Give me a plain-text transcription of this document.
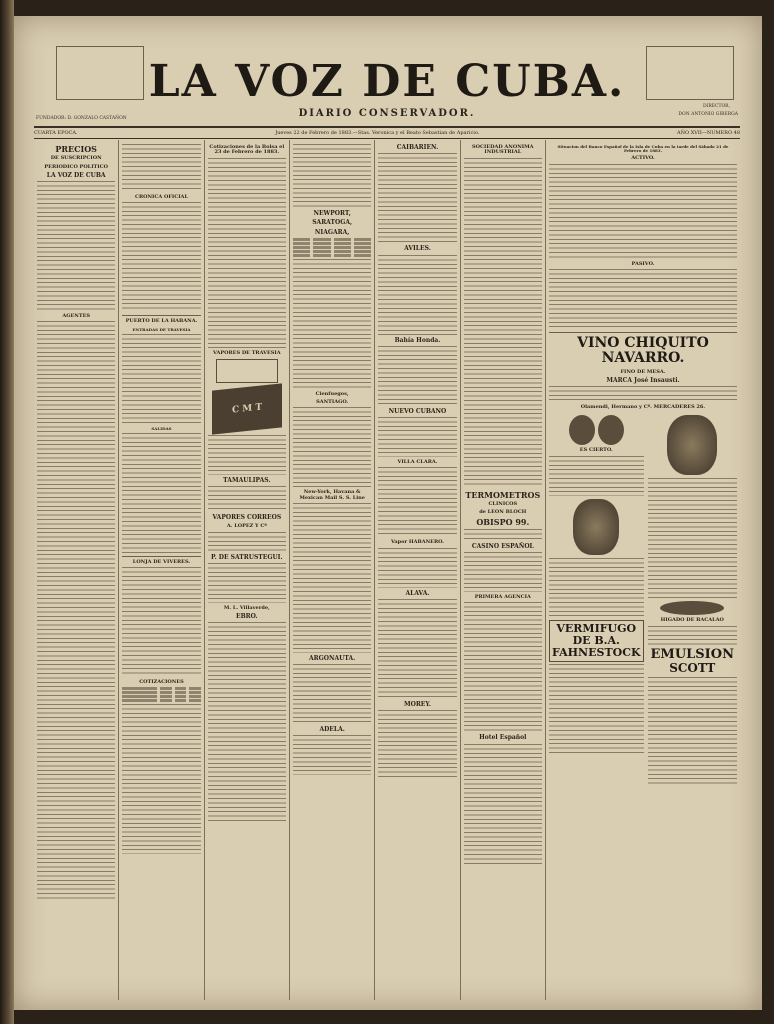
LA VOZ DE CUBA.
DIARIO CONSERVADOR.
FUNDADOR: D. GONZALO CASTAÑON
DIRECTOR,
DON ANTONIO GIBERGA
CUARTA EPOCA.	Jueves 22 de Febrero de 1883.—Stas. Veronica y el Beato Sebastian de Aparicio.	AÑO XVII—NUMERO 48
PRECIOS
DE SUSCRIPCION
PERIODICO POLITICO
LA VOZ DE CUBA
AGENTES
CRONICA OFICIAL
PUERTO DE LA HABANA.
ENTRADAS DE TRAVESIA
SALIDAS
LONJA DE VIVERES.
COTIZACIONES
Cotizaciones de la Bolsa el 23 de Febrero de 1883.
VAPORES DE TRAVESIA
C M T
TAMAULIPAS.
VAPORES CORREOS
A. LOPEZ Y Cª
P. DE SATRUSTEGUI.
M. L. Villaverde,
EBRO.
NEWPORT,
SARATOGA,
NIAGARA,
Cienfuegos,
SANTIAGO.
New-York, Havana & Mexican Mail S. S. Line
ARGONAUTA.
ADELA.
CAIBARIEN.
AVILES.
Bahía Honda.
NUEVO CUBANO
VILLA CLARA.
Vapor HABANERO.
ALAVA.
MOREY.
SOCIEDAD ANONIMA INDUSTRIAL
TERMOMETROS
CLINICOS
de LEON BLOCH
OBISPO 99.
CASINO ESPAÑOL
PRIMERA AGENCIA
Hotel Español
Situacion del Banco Español de la Isla de Cuba en la tarde del Sábado 21 de Febrero de 1883.
ACTIVO.
PASIVO.
VINO CHIQUITO NAVARRO.
FINO DE MESA.
MARCA José Insausti.
Olamendi, Hermano y Cª. MERCADERES 26.
ES CIERTO.
VERMIFUGO DE B.A. FAHNESTOCK
HIGADO DE BACALAO
EMULSION
SCOTT
